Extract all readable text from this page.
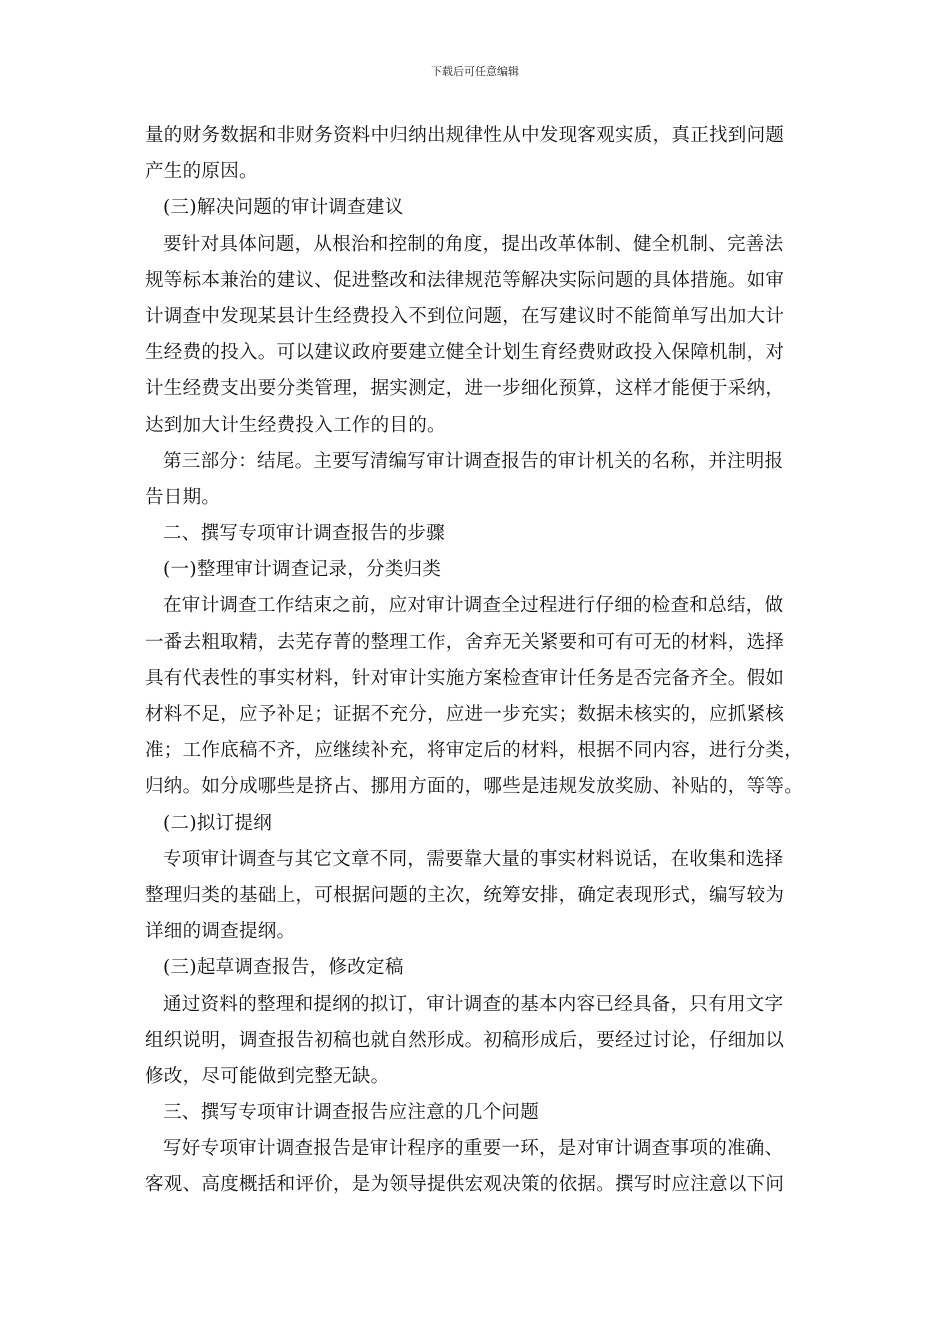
下载后可任意编辑
量的财务数据和非财务资料中归纳出规律性从中发现客观实质，真正找到问题
产生的原因。
(三)解决问题的审计调查建议
要针对具体问题，从根治和控制的角度，提出改革体制、健全机制、完善法
规等标本兼治的建议、促进整改和法律规范等解决实际问题的具体措施。如审
计调查中发现某县计生经费投入不到位问题，在写建议时不能简单写出加大计
生经费的投入。可以建议政府要建立健全计划生育经费财政投入保障机制，对
计生经费支出要分类管理，据实测定，进一步细化预算，这样才能便于采纳，
达到加大计生经费投入工作的目的。
第三部分：结尾。主要写清编写审计调查报告的审计机关的名称，并注明报
告日期。
二、撰写专项审计调查报告的步骤
(一)整理审计调查记录，分类归类
在审计调查工作结束之前，应对审计调查全过程进行仔细的检查和总结，做
一番去粗取精，去芜存菁的整理工作，舍弃无关紧要和可有可无的材料，选择
具有代表性的事实材料，针对审计实施方案检查审计任务是否完备齐全。假如
材料不足，应予补足；证据不充分，应进一步充实；数据未核实的，应抓紧核
准；工作底稿不齐，应继续补充，将审定后的材料，根据不同内容，进行分类，
归纳。如分成哪些是挤占、挪用方面的，哪些是违规发放奖励、补贴的，等等。
(二)拟订提纲
专项审计调查与其它文章不同，需要靠大量的事实材料说话，在收集和选择
整理归类的基础上，可根据问题的主次，统筹安排，确定表现形式，编写较为
详细的调查提纲。
(三)起草调查报告，修改定稿
通过资料的整理和提纲的拟订，审计调查的基本内容已经具备，只有用文字
组织说明，调查报告初稿也就自然形成。初稿形成后，要经过讨论，仔细加以
修改，尽可能做到完整无缺。
三、撰写专项审计调查报告应注意的几个问题
写好专项审计调查报告是审计程序的重要一环，是对审计调查事项的准确、
客观、高度概括和评价，是为领导提供宏观决策的依据。撰写时应注意以下问
